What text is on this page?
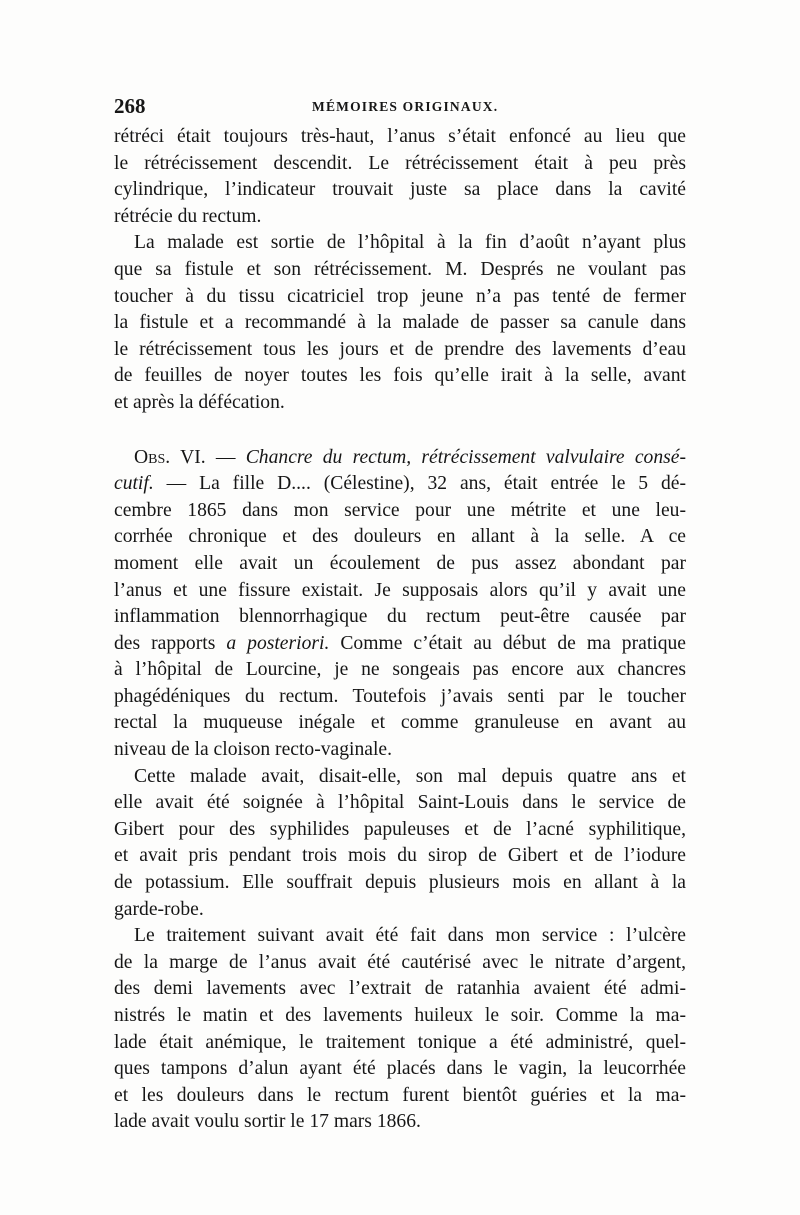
268	MÉMOIRES ORIGINAUX.
rétréci était toujours très-haut, l’anus s’était enfoncé au lieu que
le rétrécissement descendit. Le rétrécissement était à peu près
cylindrique, l’indicateur trouvait juste sa place dans la cavité
rétrécie du rectum.
La malade est sortie de l’hôpital à la fin d’août n’ayant plus
que sa fistule et son rétrécissement. M. Després ne voulant pas
toucher à du tissu cicatriciel trop jeune n’a pas tenté de fermer
la fistule et a recommandé à la malade de passer sa canule dans
le rétrécissement tous les jours et de prendre des lavements d’eau
de feuilles de noyer toutes les fois qu’elle irait à la selle, avant
et après la défécation.
Obs. VI. — Chancre du rectum, rétrécissement valvulaire consé-
cutif. — La fille D.... (Célestine), 32 ans, était entrée le 5 dé-
cembre 1865 dans mon service pour une métrite et une leu-
corrhée chronique et des douleurs en allant à la selle. A ce
moment elle avait un écoulement de pus assez abondant par
l’anus et une fissure existait. Je supposais alors qu’il y avait une
inflammation blennorrhagique du rectum peut-être causée par
des rapports a posteriori. Comme c’était au début de ma pratique
à l’hôpital de Lourcine, je ne songeais pas encore aux chancres
phagédéniques du rectum. Toutefois j’avais senti par le toucher
rectal la muqueuse inégale et comme granuleuse en avant au
niveau de la cloison recto-vaginale.
Cette malade avait, disait-elle, son mal depuis quatre ans et
elle avait été soignée à l’hôpital Saint-Louis dans le service de
Gibert pour des syphilides papuleuses et de l’acné syphilitique,
et avait pris pendant trois mois du sirop de Gibert et de l’iodure
de potassium. Elle souffrait depuis plusieurs mois en allant à la
garde-robe.
Le traitement suivant avait été fait dans mon service : l’ulcère
de la marge de l’anus avait été cautérisé avec le nitrate d’argent,
des demi lavements avec l’extrait de ratanhia avaient été admi-
nistrés le matin et des lavements huileux le soir. Comme la ma-
lade était anémique, le traitement tonique a été administré, quel-
ques tampons d’alun ayant été placés dans le vagin, la leucorrhée
et les douleurs dans le rectum furent bientôt guéries et la ma-
lade avait voulu sortir le 17 mars 1866.
